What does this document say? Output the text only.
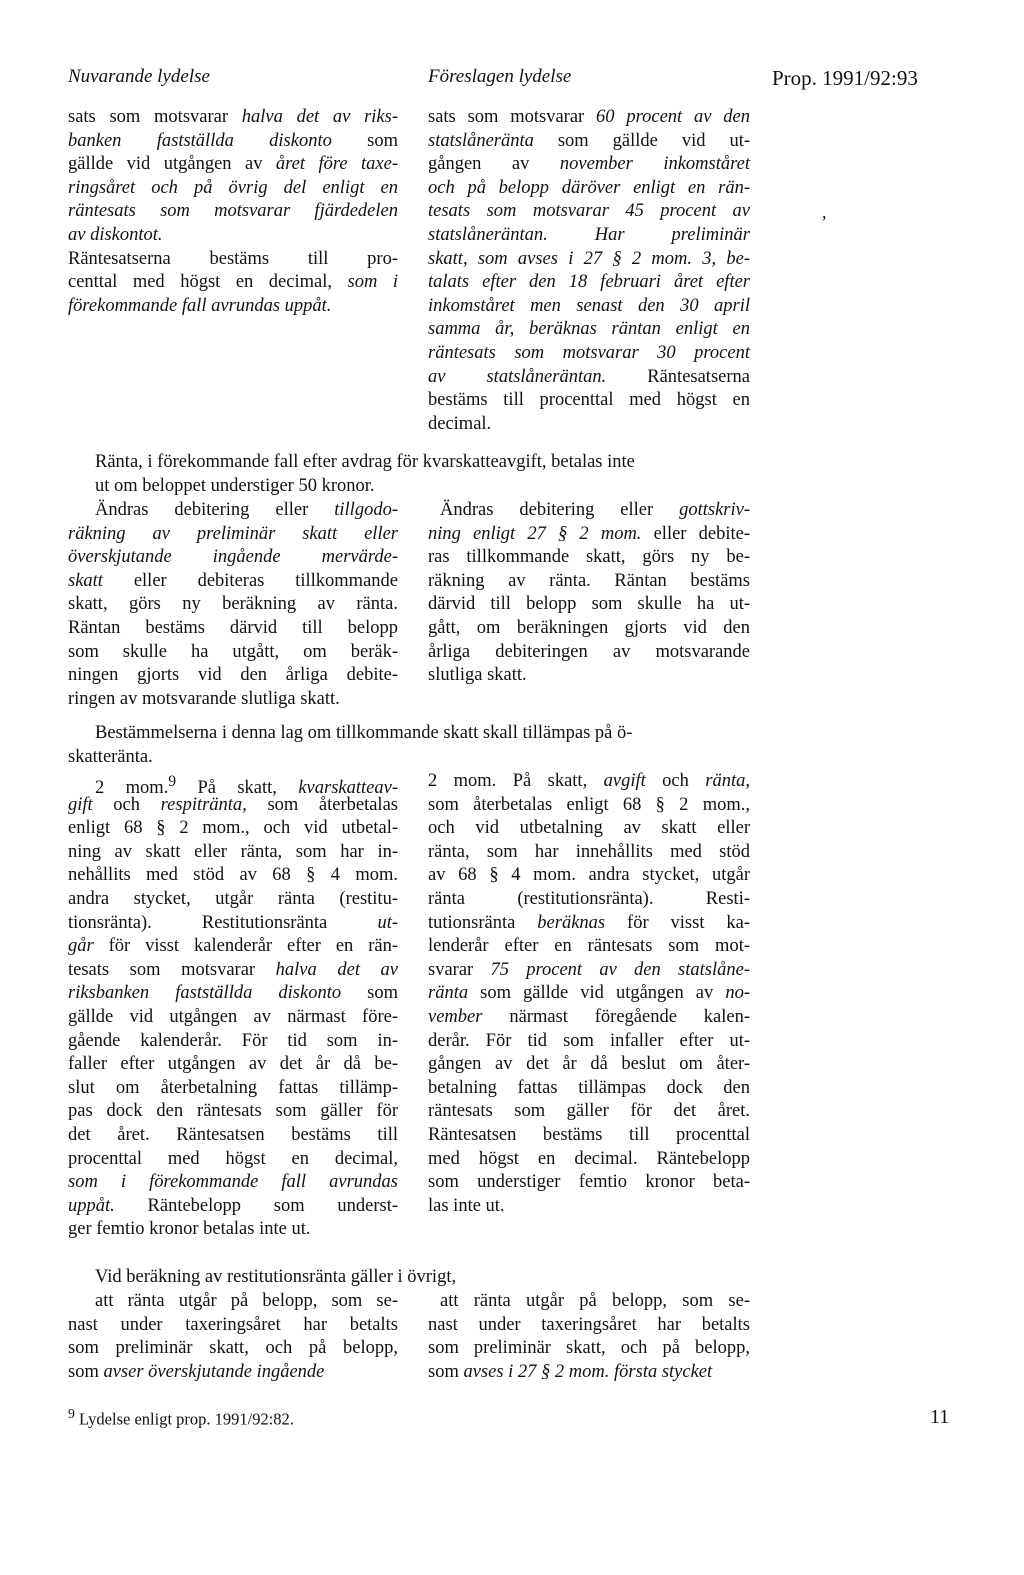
Nuvarande lydelse	Föreslagen lydelse	Prop. 1991/92:93
,
sats som motsvarar halva det av riks-
banken fastställda diskonto som
gällde vid utgången av året före taxe-
ringsåret och på övrig del enligt en
räntesats som motsvarar fjärdedelen
av diskontot.
Räntesatserna bestäms till pro-
centtal med högst en decimal, som i
förekommande fall avrundas uppåt.
sats som motsvarar 60 procent av den
statslåneränta som gällde vid ut-
gången av november inkomståret
och på belopp däröver enligt en rän-
tesats som motsvarar 45 procent av
statslåneräntan. Har preliminär
skatt, som avses i 27 § 2 mom. 3, be-
talats efter den 18 februari året efter
inkomståret men senast den 30 april
samma år, beräknas räntan enligt en
räntesats som motsvarar 30 procent
av statslåneräntan. Räntesatserna
bestäms till procenttal med högst en
decimal.
Ränta, i förekommande fall efter avdrag för kvarskatteavgift, betalas inte
ut om beloppet understiger 50 kronor.
Ändras debitering eller tillgodo-
räkning av preliminär skatt eller
överskjutande ingående mervärde-
skatt eller debiteras tillkommande
skatt, görs ny beräkning av ränta.
Räntan bestäms därvid till belopp
som skulle ha utgått, om beräk-
ningen gjorts vid den årliga debite-
ringen av motsvarande slutliga skatt.
Ändras debitering eller gottskriv-
ning enligt 27 § 2 mom. eller debite-
ras tillkommande skatt, görs ny be-
räkning av ränta. Räntan bestäms
därvid till belopp som skulle ha ut-
gått, om beräkningen gjorts vid den
årliga debiteringen av motsvarande
slutliga skatt.
Bestämmelserna i denna lag om tillkommande skatt skall tillämpas på ö-
skatteränta.
2 mom.$^9$ På skatt, kvarskatteav-
gift och respitränta, som återbetalas
enligt 68 § 2 mom., och vid utbetal-
ning av skatt eller ränta, som har in-
nehållits med stöd av 68 § 4 mom.
andra stycket, utgår ränta (restitu-
tionsränta). Restitutionsränta ut-
går för visst kalenderår efter en rän-
tesats som motsvarar halva det av
riksbanken fastställda diskonto som
gällde vid utgången av närmast före-
gående kalenderår. För tid som in-
faller efter utgången av det år då be-
slut om återbetalning fattas tillämp-
pas dock den räntesats som gäller för
det året. Räntesatsen bestäms till
procenttal med högst en decimal,
som i förekommande fall avrundas
uppåt. Räntebelopp som underst-
ger femtio kronor betalas inte ut.
2 mom. På skatt, avgift och ränta,
som återbetalas enligt 68 § 2 mom.,
och vid utbetalning av skatt eller
ränta, som har innehållits med stöd
av 68 § 4 mom. andra stycket, utgår
ränta (restitutionsränta). Resti-
tutionsränta beräknas för visst ka-
lenderår efter en räntesats som mot-
svarar 75 procent av den statslåne-
ränta som gällde vid utgången av no-
vember närmast föregående kalen-
derår. För tid som infaller efter ut-
gången av det år då beslut om åter-
betalning fattas tillämpas dock den
räntesats som gäller för det året.
Räntesatsen bestäms till procenttal
med högst en decimal. Räntebelopp
som understiger femtio kronor beta-
las inte ut.
Vid beräkning av restitutionsränta gäller i övrigt,
att ränta utgår på belopp, som se-
nast under taxeringsåret har betalts
som preliminär skatt, och på belopp,
som avser överskjutande ingående
att ränta utgår på belopp, som se-
nast under taxeringsåret har betalts
som preliminär skatt, och på belopp,
som avses i 27 § 2 mom. första stycket
$^9$ Lydelse enligt prop. 1991/92:82.	11
